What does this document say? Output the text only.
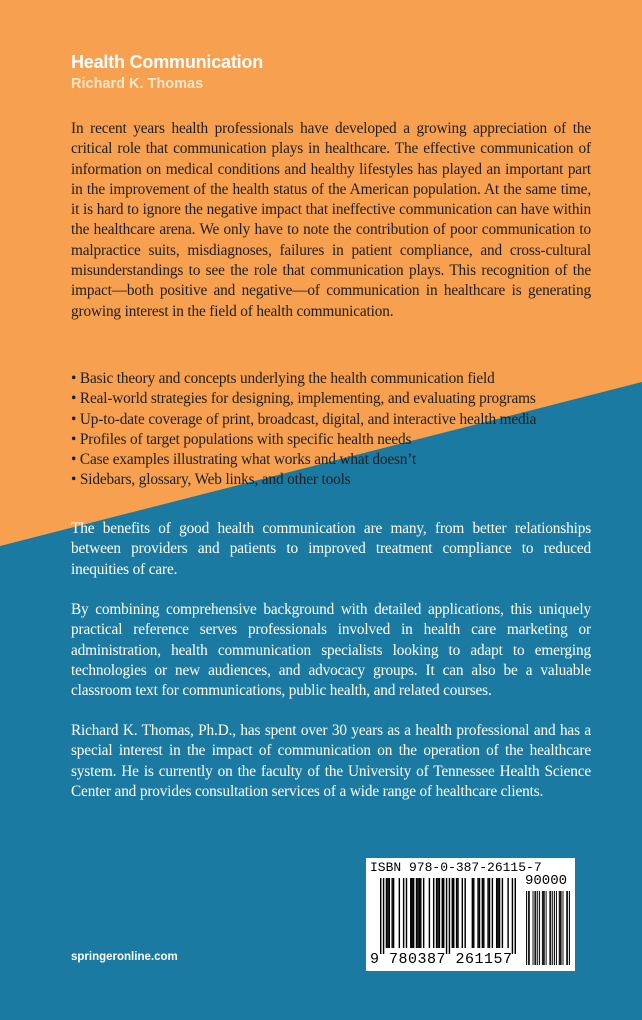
Health Communication
Richard K. Thomas

In recent years health professionals have developed a growing appreciation of the critical role that communication plays in healthcare. The effective communication of information on medical conditions and healthy lifestyles has played an important part in the improvement of the health status of the American population. At the same time, it is hard to ignore the negative impact that ineffective communication can have within the healthcare arena. We only have to note the contribution of poor communication to malpractice suits, misdiagnoses, failures in patient compliance, and cross-cultural misunderstandings to see the role that communication plays. This recognition of the impact—both positive and negative—of communication in healthcare is generating growing interest in the field of health communication.

• Basic theory and concepts underlying the health communication field
• Real-world strategies for designing, implementing, and evaluating programs
• Up-to-date coverage of print, broadcast, digital, and interactive health media
• Profiles of target populations with specific health needs
• Case examples illustrating what works and what doesn’t
• Sidebars, glossary, Web links, and other tools

The benefits of good health communication are many, from better relationships between providers and patients to improved treatment compliance to reduced inequities of care.

By combining comprehensive background with detailed applications, this uniquely practical reference serves professionals involved in health care marketing or administration, health communication specialists looking to adapt to emerging technologies or new audiences, and advocacy groups. It can also be a valuable classroom text for communications, public health, and related courses.

Richard K. Thomas, Ph.D., has spent over 30 years as a health professional and has a special interest in the impact of communication on the operation of the healthcare system. He is currently on the faculty of the University of Tennessee Health Science Center and provides consultation services of a wide range of healthcare clients.

springeronline.com

ISBN 978-0-387-26115-7

90000

9 780387 261157
